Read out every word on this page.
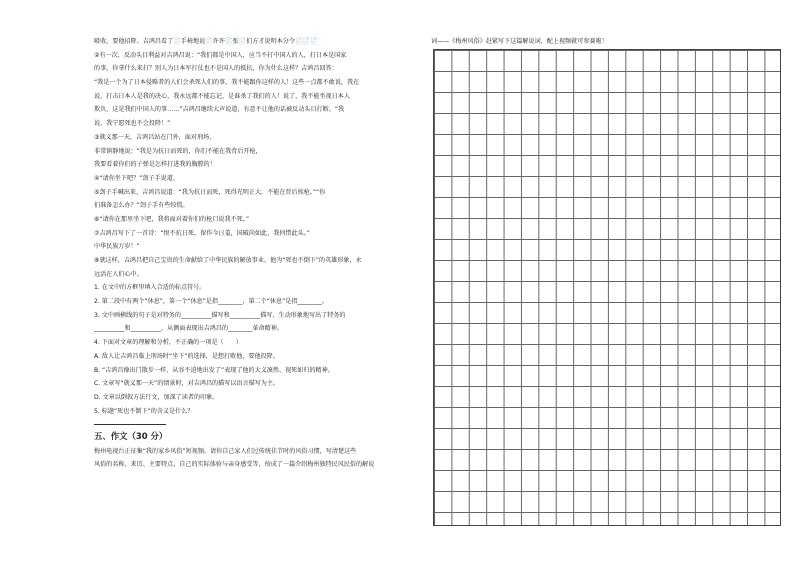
吸收，要他招降。吉鸿昌看了📄手椅地说📄许许📄张📄们方才说明本分令📄📄📄

②有一次，反动头目利益对吉鸿昌说：“我们都是中国人，应当不打中国人的人，打日本是国家

的事，你拿什么来打？别人为日本军打仗也不是国人的抵抗，你为什么这样？吉鸿昌回答：

“我是一个为了日本侵略者的人们会杀死人们的事，我不能跟你这样的人！这些一点都不敢说，我在

说，打击日本人是我的决心，我永远都不能忘记，是谁杀了我们的人！说了，我不能坐视日本人

欺负，这是我们中国人的事……”吉鸿昌继续大声说道，有意不让他的话被反动头目打断。“我

说，我宁愿死也不会投降！”

③就义那一天，吉鸿昌站在门外，面对刑场，

非常镇静地说：“我是为抗日而死的，你们不能在我背后开枪，

我要看着你们的子弹是怎样打进我的胸膛的！

④“请你坐下吧？”刽子手说道。

⑤刽子手喊出来，吉鸿昌说道：“我为抗日而死，死得光明正大，不能在背后挨枪。”“你

们准备怎么办？”刽子手有些惊慌。

⑥“请你在那里坐下吧，我将面对着你们的枪口说我不死。”

⑦吉鸿昌写下了一首诗：“恨不抗日死，留作今日羞，国破尚如此，我何惜此头。”

中华民族万岁！”

⑧就这样，吉鸿昌把自己宝贵的生命献给了中华民族的解放事业。他为“死也不倒下”的英雄形象，永

远活在人们心中。

1. 在文中的方框里填入合适的标点符号。

2. 第二段中有两个“休息”，第一个“休息”是指________，第二个“休息”是指________。

3. 文中画横线的句子是对特务的__________描写和__________描写，生动形象地写出了特务的

__________和__________，从侧面表现出吉鸿昌的________革命精神。

4. 下面对文章的理解和分析，不正确的一项是（　　）

A. 敌人让吉鸿昌临上刑场时“坐下”的选择，是想打败他，要他投降。

B. “吉鸿昌像出门散步一样，从容不迫地出发了”表现了他的大义凛然、视死如归的精神。

C. 文章写“就义那一天”的情景时，对吉鸿昌的描写以语言描写为主。

D. 文章以倒叙方法行文，加深了读者的印象。

5. 标题“死也不倒下”的含义是什么？

五、作文（30 分）

梅州电视台正征集“我的家乡风俗”短视频。请你自己家人们过传统佳节时的风俗习惯，写清楚这些

风俗的名称、来历、主要特点、自己的实际体验与亲身感受等，按成了一篇介绍梅州独特民风民俗的解说

词——《梅州风俗》赶紧写下这篇解说词，配上视频就可参赛啦！
